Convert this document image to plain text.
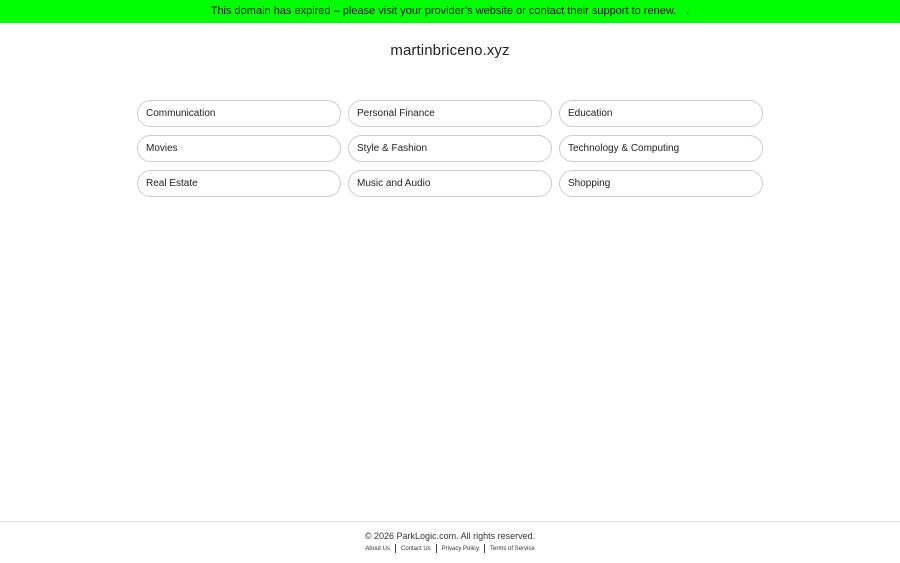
This domain has expired – please visit your provider’s website or contact their support to renew. .
martinbriceno.xyz
Communication	Personal Finance	Education
Movies	Style & Fashion	Technology & Computing
Real Estate	Music and Audio	Shopping
© 2026 ParkLogic.com. All rights reserved.
About Us Contact Us Privacy Policy Terms of Service
